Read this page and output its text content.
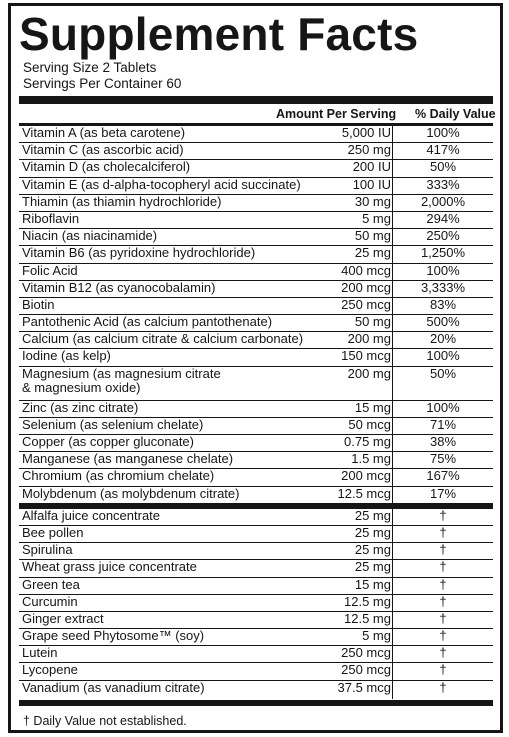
Supplement Facts
Serving Size 2 Tablets
Servings Per Container 60
Amount Per Serving % Daily Value
Vitamin A (as beta carotene)	5,000 IU	100%
Vitamin C (as ascorbic acid)	250 mg	417%
Vitamin D (as cholecalciferol)	200 IU	50%
Vitamin E (as d-alpha-tocopheryl acid succinate)	100 IU	333%
Thiamin (as thiamin hydrochloride)	30 mg	2,000%
Riboflavin	5 mg	294%
Niacin (as niacinamide)	50 mg	250%
Vitamin B6 (as pyridoxine hydrochloride)	25 mg	1,250%
Folic Acid	400 mcg	100%
Vitamin B12 (as cyanocobalamin)	200 mcg	3,333%
Biotin	250 mcg	83%
Pantothenic Acid (as calcium pantothenate)	50 mg	500%
Calcium (as calcium citrate & calcium carbonate)	200 mg	20%
Iodine (as kelp)	150 mcg	100%
Magnesium (as magnesium citrate
& magnesium oxide)
200 mg	50%
Zinc (as zinc citrate)	15 mg	100%
Selenium (as selenium chelate)	50 mcg	71%
Copper (as copper gluconate)	0.75 mg	38%
Manganese (as manganese chelate)	1.5 mg	75%
Chromium (as chromium chelate)	200 mcg	167%
Molybdenum (as molybdenum citrate)	12.5 mcg	17%
Alfalfa juice concentrate	25 mg	†
Bee pollen	25 mg	†
Spirulina	25 mg	†
Wheat grass juice concentrate	25 mg	†
Green tea	15 mg	†
Curcumin	12.5 mg	†
Ginger extract	12.5 mg	†
Grape seed Phytosome™ (soy)	5 mg	†
Lutein	250 mcg	†
Lycopene	250 mcg	†
Vanadium (as vanadium citrate)	37.5 mcg	†
† Daily Value not established.
